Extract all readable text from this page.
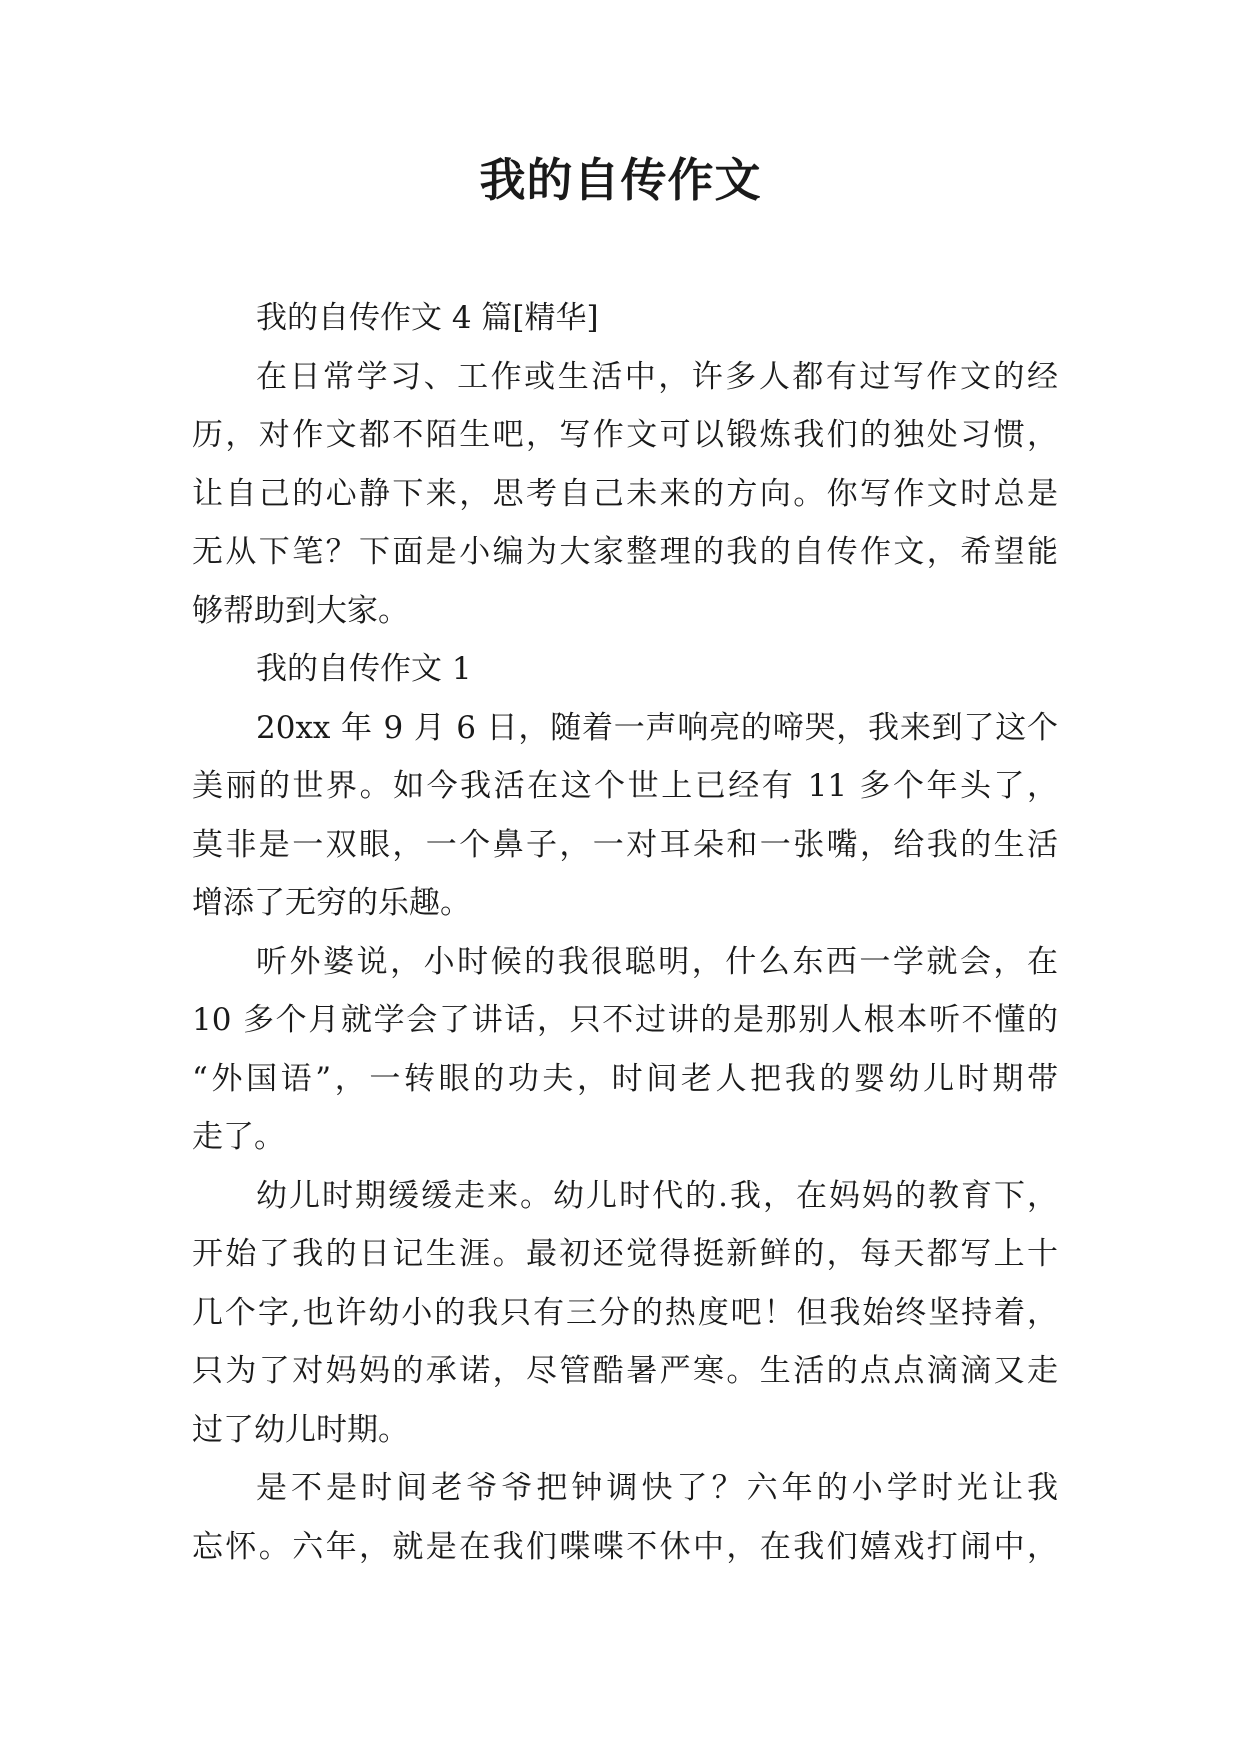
我的自传作文
我的自传作文 4 篇[精华]
在日常学习、工作或生活中，许多人都有过写作文的经
历，对作文都不陌生吧，写作文可以锻炼我们的独处习惯，
让自己的心静下来，思考自己未来的方向。你写作文时总是
无从下笔？下面是小编为大家整理的我的自传作文，希望能
够帮助到大家。
我的自传作文 1
20xx 年 9 月 6 日，随着一声响亮的啼哭，我来到了这个
美丽的世界。如今我活在这个世上已经有 11 多个年头了，
莫非是一双眼，一个鼻子，一对耳朵和一张嘴，给我的生活
增添了无穷的乐趣。
听外婆说，小时候的我很聪明，什么东西一学就会，在
10 多个月就学会了讲话，只不过讲的是那别人根本听不懂的
“外国语”，一转眼的功夫，时间老人把我的婴幼儿时期带
走了。
幼儿时期缓缓走来。幼儿时代的.我，在妈妈的教育下，
开始了我的日记生涯。最初还觉得挺新鲜的，每天都写上十
几个字,也许幼小的我只有三分的热度吧！但我始终坚持着，
只为了对妈妈的承诺，尽管酷暑严寒。生活的点点滴滴又走
过了幼儿时期。
是不是时间老爷爷把钟调快了？六年的小学时光让我
忘怀。六年，就是在我们喋喋不休中，在我们嬉戏打闹中，
